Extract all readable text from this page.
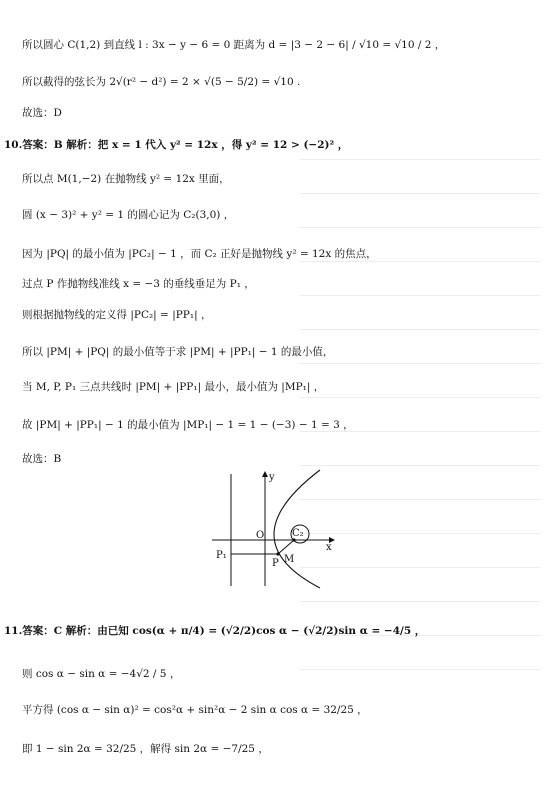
所以圆心 C(1,2) 到直线 l : 3x − y − 6 = 0 距离为 d = |3 − 2 − 6| / √10 = √10 / 2 ，
所以截得的弦长为 2√(r² − d²) = 2 × √(5 − 5/2) = √10 .
故选：D
10.答案：B 解析：把 x = 1 代入 y² = 12x ，得 y² = 12 > (−2)² ，
所以点 M(1,−2) 在抛物线 y² = 12x 里面，
圆 (x − 3)² + y² = 1 的圆心记为 C₂(3,0) ，
因为 |PQ| 的最小值为 |PC₂| − 1 ，而 C₂ 正好是抛物线 y² = 12x 的焦点，
过点 P 作抛物线准线 x = −3 的垂线垂足为 P₁ ，
则根据抛物线的定义得 |PC₂| = |PP₁| ，
所以 |PM| + |PQ| 的最小值等于求 |PM| + |PP₁| − 1 的最小值，
当 M, P, P₁ 三点共线时 |PM| + |PP₁| 最小，最小值为 |MP₁| ，
故 |PM| + |PP₁| − 1 的最小值为 |MP₁| − 1 = 1 − (−3) − 1 = 3 ，
故选：B
y
x
O	C₂
P₁
P M
11.答案：C 解析：由已知 cos(α + π/4) = (√2/2)cos α − (√2/2)sin α = −4/5 ，
则 cos α − sin α = −4√2 / 5 ，
平方得 (cos α − sin α)² = cos²α + sin²α − 2 sin α cos α = 32/25 ，
即 1 − sin 2α = 32/25 ，解得 sin 2α = −7/25 ，
